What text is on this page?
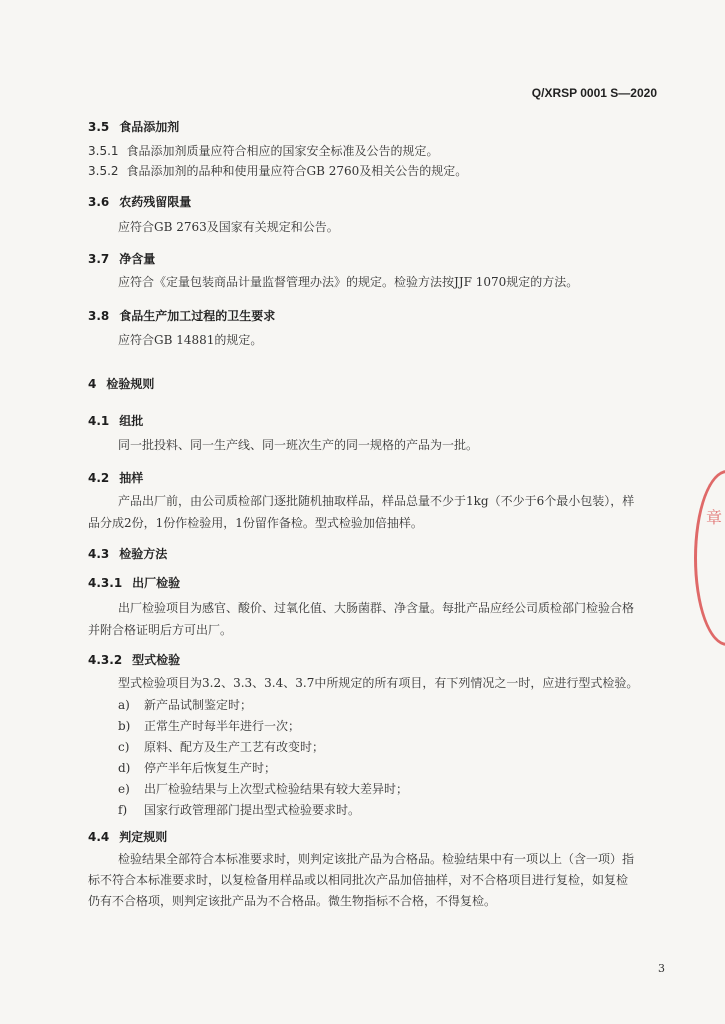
Q/XRSP 0001 S—2020
3.5 食品添加剂
3.5.1 食品添加剂质量应符合相应的国家安全标准及公告的规定。
3.5.2 食品添加剂的品种和使用量应符合GB 2760及相关公告的规定。
3.6 农药残留限量
应符合GB 2763及国家有关规定和公告。
3.7 净含量
应符合《定量包装商品计量监督管理办法》的规定。检验方法按JJF 1070规定的方法。
3.8 食品生产加工过程的卫生要求
应符合GB 14881的规定。
4 检验规则
4.1 组批
同一批投料、同一生产线、同一班次生产的同一规格的产品为一批。
4.2 抽样
产品出厂前，由公司质检部门逐批随机抽取样品，样品总量不少于1kg（不少于6个最小包装），样
品分成2份，1份作检验用，1份留作备检。型式检验加倍抽样。
4.3 检验方法
4.3.1 出厂检验
出厂检验项目为感官、酸价、过氧化值、大肠菌群、净含量。每批产品应经公司质检部门检验合格
并附合格证明后方可出厂。
4.3.2 型式检验
型式检验项目为3.2、3.3、3.4、3.7中所规定的所有项目，有下列情况之一时，应进行型式检验。
a) 新产品试制鉴定时；
b) 正常生产时每半年进行一次；
c) 原料、配方及生产工艺有改变时；
d) 停产半年后恢复生产时；
e) 出厂检验结果与上次型式检验结果有较大差异时；
f) 国家行政管理部门提出型式检验要求时。
4.4 判定规则
检验结果全部符合本标准要求时，则判定该批产品为合格品。检验结果中有一项以上（含一项）指
标不符合本标准要求时，以复检备用样品或以相同批次产品加倍抽样，对不合格项目进行复检，如复检
仍有不合格项，则判定该批产品为不合格品。微生物指标不合格，不得复检。
章
3
